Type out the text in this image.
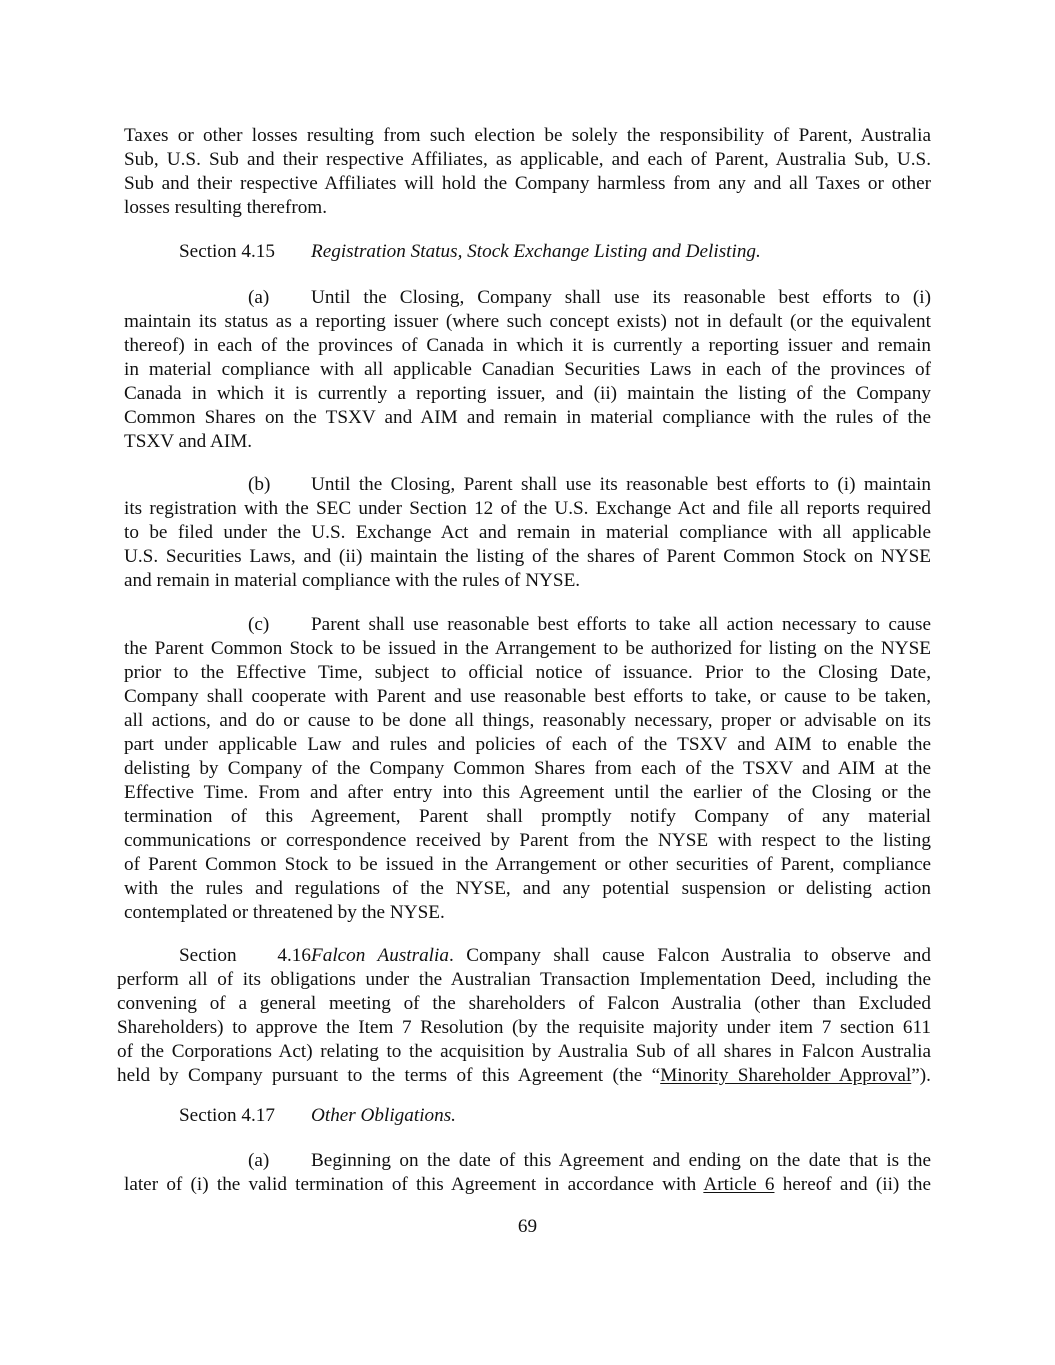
Taxes or other losses resulting from such election be solely the responsibility of Parent, Australia
Sub, U.S. Sub and their respective Affiliates, as applicable, and each of Parent, Australia Sub, U.S.
Sub and their respective Affiliates will hold the Company harmless from any and all Taxes or other
losses resulting therefrom.
Section 4.15 Registration Status, Stock Exchange Listing and Delisting.
(a) Until the Closing, Company shall use its reasonable best efforts to (i)
maintain its status as a reporting issuer (where such concept exists) not in default (or the equivalent
thereof) in each of the provinces of Canada in which it is currently a reporting issuer and remain
in material compliance with all applicable Canadian Securities Laws in each of the provinces of
Canada in which it is currently a reporting issuer, and (ii) maintain the listing of the Company
Common Shares on the TSXV and AIM and remain in material compliance with the rules of the
TSXV and AIM.
(b) Until the Closing, Parent shall use its reasonable best efforts to (i) maintain
its registration with the SEC under Section 12 of the U.S. Exchange Act and file all reports required
to be filed under the U.S. Exchange Act and remain in material compliance with all applicable
U.S. Securities Laws, and (ii) maintain the listing of the shares of Parent Common Stock on NYSE
and remain in material compliance with the rules of NYSE.
(c) Parent shall use reasonable best efforts to take all action necessary to cause
the Parent Common Stock to be issued in the Arrangement to be authorized for listing on the NYSE
prior to the Effective Time, subject to official notice of issuance. Prior to the Closing Date,
Company shall cooperate with Parent and use reasonable best efforts to take, or cause to be taken,
all actions, and do or cause to be done all things, reasonably necessary, proper or advisable on its
part under applicable Law and rules and policies of each of the TSXV and AIM to enable the
delisting by Company of the Company Common Shares from each of the TSXV and AIM at the
Effective Time. From and after entry into this Agreement until the earlier of the Closing or the
termination of this Agreement, Parent shall promptly notify Company of any material
communications or correspondence received by Parent from the NYSE with respect to the listing
of Parent Common Stock to be issued in the Arrangement or other securities of Parent, compliance
with the rules and regulations of the NYSE, and any potential suspension or delisting action
contemplated or threatened by the NYSE.
Section 4.16Falcon Australia. Company shall cause Falcon Australia to observe and
perform all of its obligations under the Australian Transaction Implementation Deed, including the
convening of a general meeting of the shareholders of Falcon Australia (other than Excluded
Shareholders) to approve the Item 7 Resolution (by the requisite majority under item 7 section 611
of the Corporations Act) relating to the acquisition by Australia Sub of all shares in Falcon Australia
held by Company pursuant to the terms of this Agreement (the “Minority Shareholder Approval”).
Section 4.17 Other Obligations.
(a) Beginning on the date of this Agreement and ending on the date that is the
later of (i) the valid termination of this Agreement in accordance with Article 6 hereof and (ii) the
69
